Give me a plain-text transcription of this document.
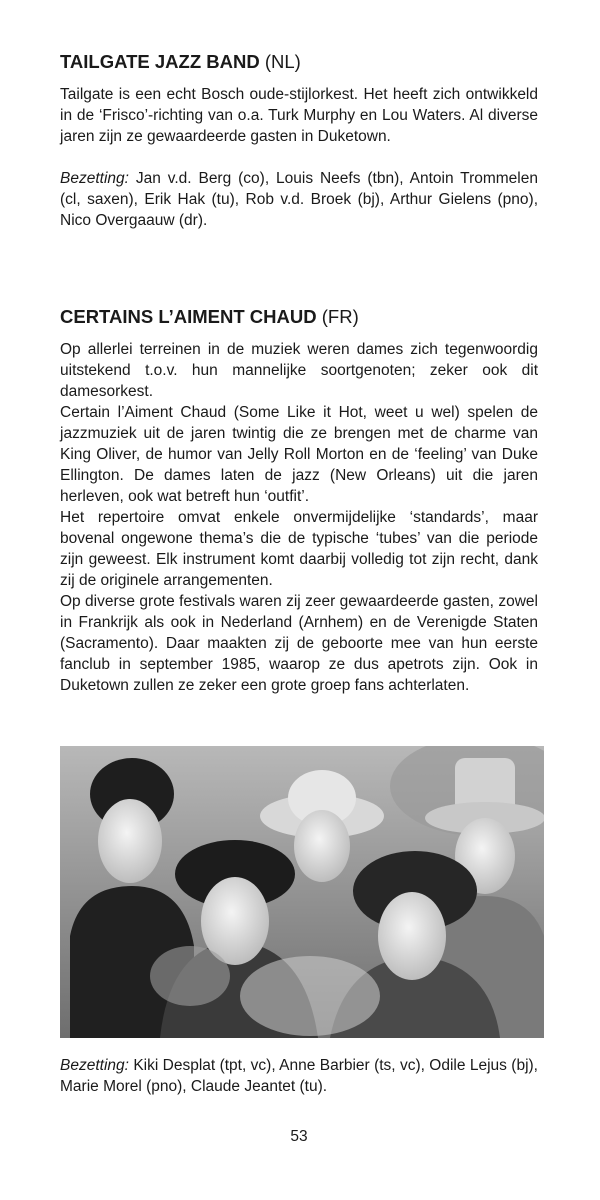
TAILGATE JAZZ BAND (NL)

Tailgate is een echt Bosch oude-stijlorkest. Het heeft zich ontwikkeld in de ‘Frisco’-richting van o.a. Turk Murphy en Lou Waters. Al diverse jaren zijn ze gewaardeerde gasten in Duketown.

Bezetting: Jan v.d. Berg (co), Louis Neefs (tbn), Antoin Trommelen (cl, saxen), Erik Hak (tu), Rob v.d. Broek (bj), Arthur Gielens (pno), Nico Overgaauw (dr).

CERTAINS L’AIMENT CHAUD (FR)

Op allerlei terreinen in de muziek weren dames zich tegenwoordig uitstekend t.o.v. hun mannelijke soortgenoten; zeker ook dit damesorkest.

Certain l’Aiment Chaud (Some Like it Hot, weet u wel) spelen de jazzmuziek uit de jaren twintig die ze brengen met de charme van King Oliver, de humor van Jelly Roll Morton en de ‘feeling’ van Duke Ellington. De dames laten de jazz (New Orleans) uit die jaren herleven, ook wat betreft hun ‘outfit’.

Het repertoire omvat enkele onvermijdelijke ‘standards’, maar bovenal ongewone thema’s die de typische ‘tubes’ van die periode zijn geweest. Elk instrument komt daarbij volledig tot zijn recht, dank zij de originele arrangementen.

Op diverse grote festivals waren zij zeer gewaardeerde gasten, zowel in Frankrijk als ook in Nederland (Arnhem) en de Verenigde Staten (Sacramento). Daar maakten zij de geboorte mee van hun eerste fanclub in september 1985, waarop ze dus apetrots zijn. Ook in Duketown zullen ze zeker een grote groep fans achterlaten.

Bezetting: Kiki Desplat (tpt, vc), Anne Barbier (ts, vc), Odile Lejus (bj), Marie Morel (pno), Claude Jeantet (tu).

53
